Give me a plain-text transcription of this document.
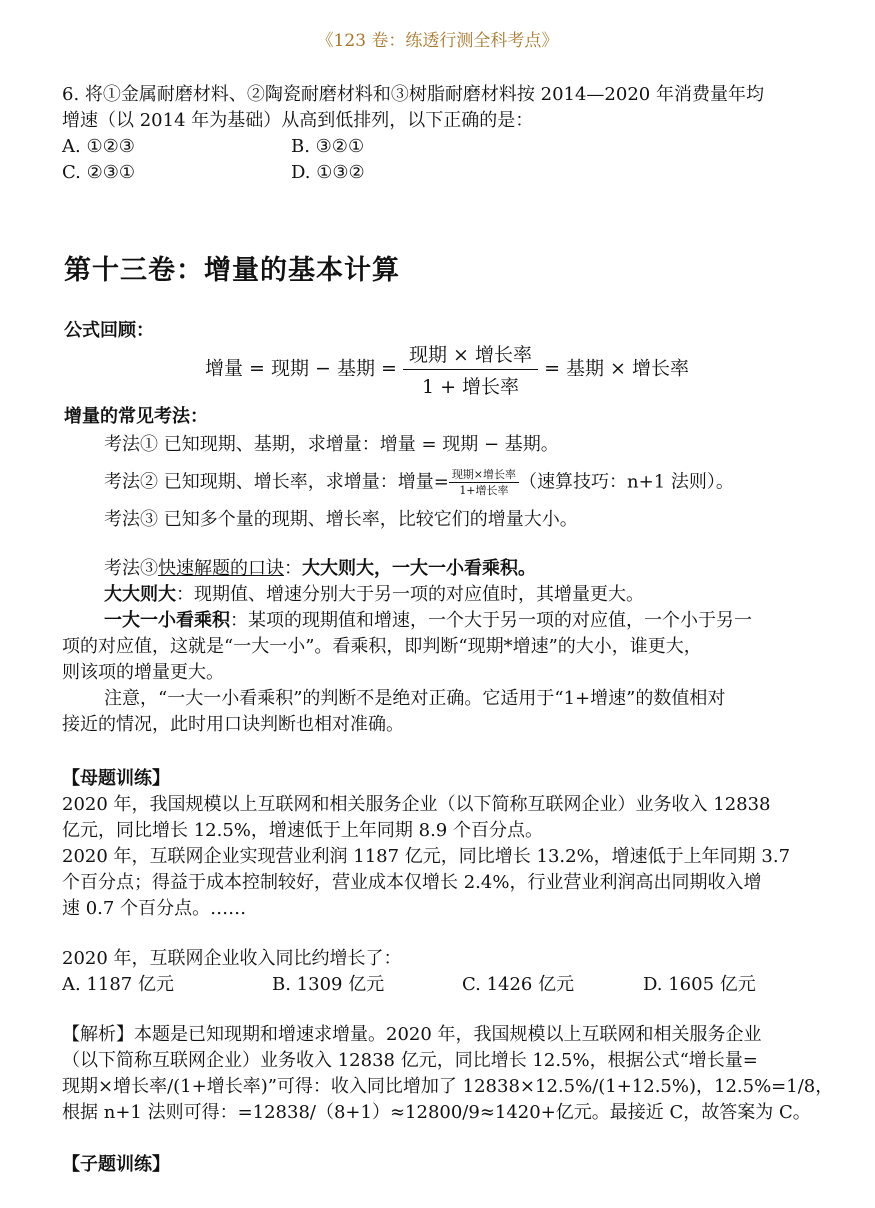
《123 卷：练透行测全科考点》
6. 将①金属耐磨材料、②陶瓷耐磨材料和③树脂耐磨材料按 2014—2020 年消费量年均
增速（以 2014 年为基础）从高到低排列，以下正确的是：
A. ①②③	B. ③②①
C. ②③①	D. ①③②
第十三卷：增量的基本计算
公式回顾：
增量 = 现期 − 基期 = $\frac{\text{现期 × 增长率}}{\text{1 + 增长率}}$ = 基期 × 增长率
增量的常见考法：
考法① 已知现期、基期，求增量：增量 = 现期 − 基期。
考法② 已知现期、增长率，求增量：增量= $\frac{\text{现期×增长率}}{\text{1+增长率}}$ （速算技巧：n+1 法则）。
考法③ 已知多个量的现期、增长率，比较它们的增量大小。
考法③快速解题的口诀：大大则大，一大一小看乘积。
大大则大：现期值、增速分别大于另一项的对应值时，其增量更大。
一大一小看乘积：某项的现期值和增速，一个大于另一项的对应值，一个小于另一
项的对应值，这就是“一大一小”。看乘积，即判断“现期*增速”的大小，谁更大，
则该项的增量更大。
注意，“一大一小看乘积”的判断不是绝对正确。它适用于“1+增速”的数值相对
接近的情况，此时用口诀判断也相对准确。
【母题训练】
2020 年，我国规模以上互联网和相关服务企业（以下简称互联网企业）业务收入 12838
亿元，同比增长 12.5%，增速低于上年同期 8.9 个百分点。
2020 年，互联网企业实现营业利润 1187 亿元，同比增长 13.2%，增速低于上年同期 3.7
个百分点；得益于成本控制较好，营业成本仅增长 2.4%，行业营业利润高出同期收入增
速 0.7 个百分点。……
2020 年，互联网企业收入同比约增长了：
A. 1187 亿元	B. 1309 亿元	C. 1426 亿元	D. 1605 亿元
【解析】本题是已知现期和增速求增量。2020 年，我国规模以上互联网和相关服务企业
（以下简称互联网企业）业务收入 12838 亿元，同比增长 12.5%，根据公式“增长量=
现期×增长率/(1+增长率)”可得：收入同比增加了 12838×12.5%/(1+12.5%)，12.5%=1/8，
根据 n+1 法则可得：=12838/（8+1）≈12800/9≈1420+亿元。最接近 C，故答案为 C。
【子题训练】
